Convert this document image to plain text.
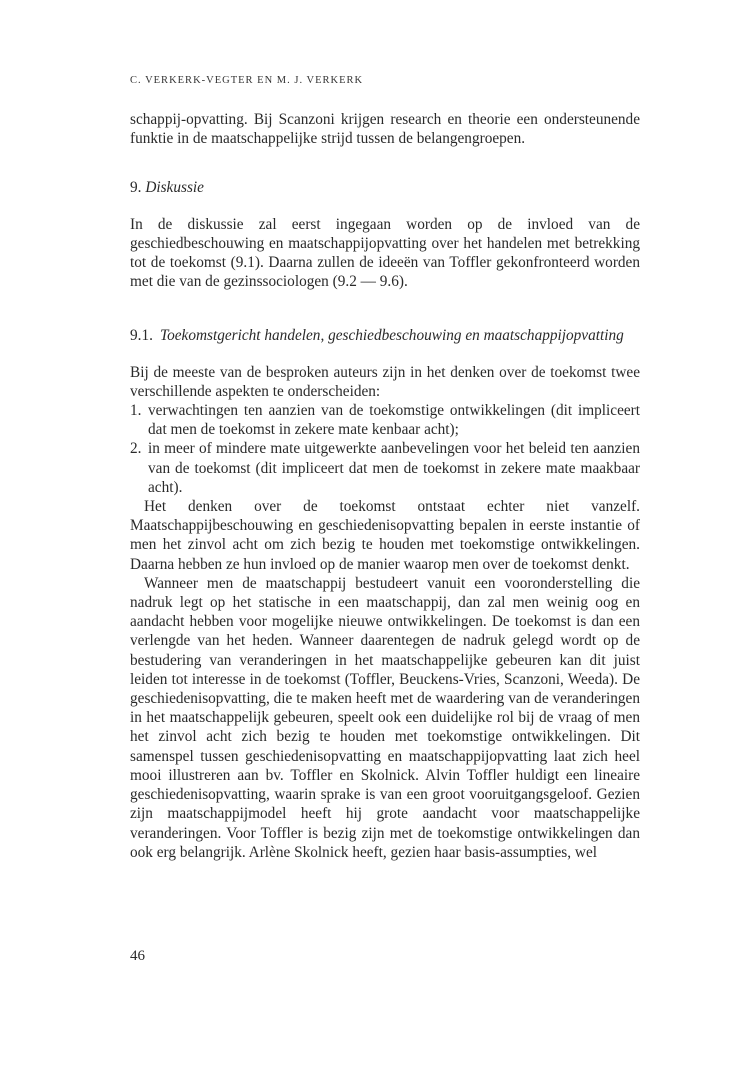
C. VERKERK-VEGTER EN M. J. VERKERK

schappij-opvatting. Bij Scanzoni krijgen research en theorie een ondersteunende funktie in de maatschappelijke strijd tussen de belangengroepen.

9. Diskussie

In de diskussie zal eerst ingegaan worden op de invloed van de geschiedbeschouwing en maatschappijopvatting over het handelen met betrekking tot de toekomst (9.1). Daarna zullen de ideeën van Toffler gekonfronteerd worden met die van de gezinssociologen (9.2 — 9.6).

9.1. Toekomstgericht handelen, geschiedbeschouwing en maatschappijopvatting

Bij de meeste van de besproken auteurs zijn in het denken over de toekomst twee verschillende aspekten te onderscheiden:

1. verwachtingen ten aanzien van de toekomstige ontwikkelingen (dit impliceert dat men de toekomst in zekere mate kenbaar acht);
2. in meer of mindere mate uitgewerkte aanbevelingen voor het beleid ten aanzien van de toekomst (dit impliceert dat men de toekomst in zekere mate maakbaar acht).

Het denken over de toekomst ontstaat echter niet vanzelf. Maatschappijbeschouwing en geschiedenisopvatting bepalen in eerste instantie of men het zinvol acht om zich bezig te houden met toekomstige ontwikkelingen. Daarna hebben ze hun invloed op de manier waarop men over de toekomst denkt.

Wanneer men de maatschappij bestudeert vanuit een vooronderstelling die nadruk legt op het statische in een maatschappij, dan zal men weinig oog en aandacht hebben voor mogelijke nieuwe ontwikkelingen. De toekomst is dan een verlengde van het heden. Wanneer daarentegen de nadruk gelegd wordt op de bestudering van veranderingen in het maatschappelijke gebeuren kan dit juist leiden tot interesse in de toekomst (Toffler, Beuckens-Vries, Scanzoni, Weeda). De geschiedenisopvatting, die te maken heeft met de waardering van de veranderingen in het maatschappelijk gebeuren, speelt ook een duidelijke rol bij de vraag of men het zinvol acht zich bezig te houden met toekomstige ontwikkelingen. Dit samenspel tussen geschiedenisopvatting en maatschappijopvatting laat zich heel mooi illustreren aan bv. Toffler en Skolnick. Alvin Toffler huldigt een lineaire geschiedenisopvatting, waarin sprake is van een groot vooruitgangsgeloof. Gezien zijn maatschappijmodel heeft hij grote aandacht voor maatschappelijke veranderingen. Voor Toffler is bezig zijn met de toekomstige ontwikkelingen dan ook erg belangrijk. Arlène Skolnick heeft, gezien haar basis-assumpties, wel

46
